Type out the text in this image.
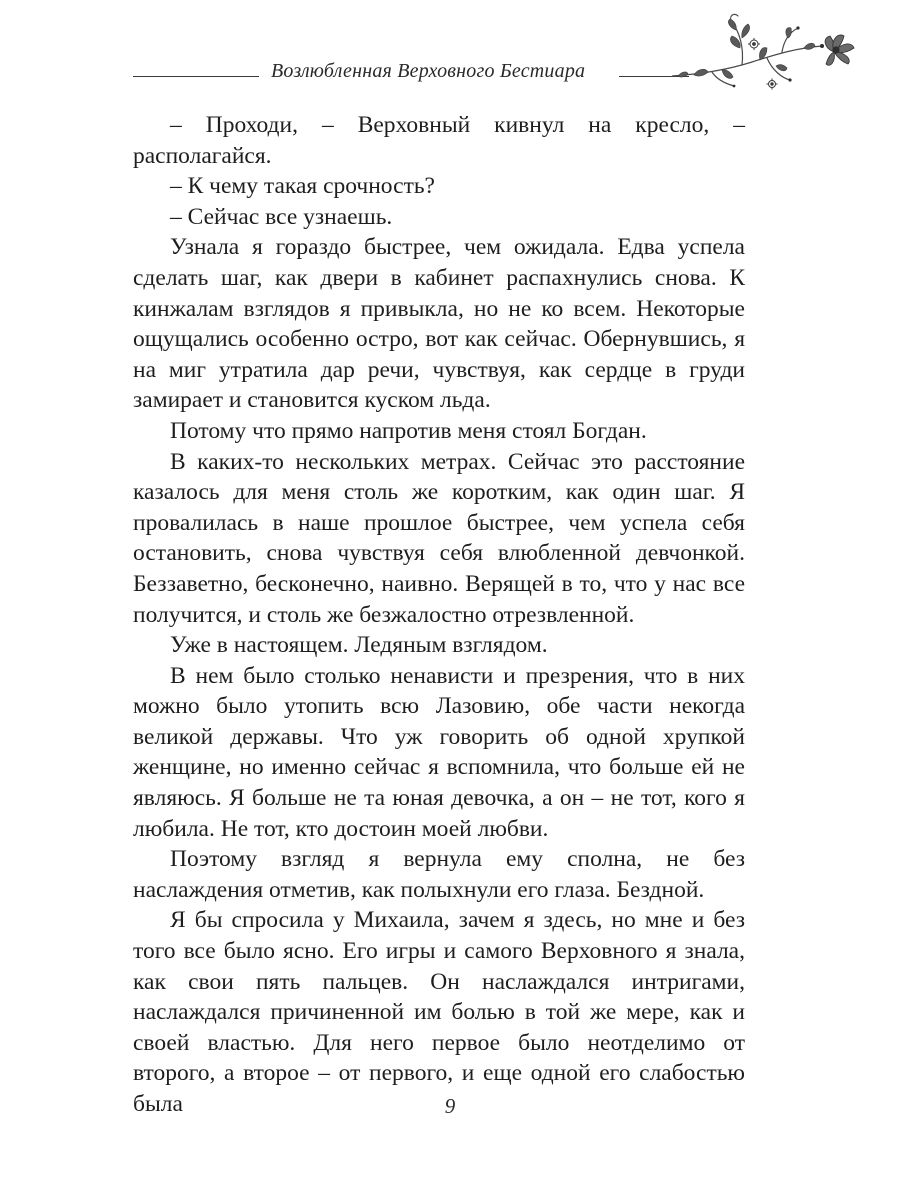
Возлюбленная Верховного Бестиара

– Проходи, – Верховный кивнул на кресло, – располагайся.

– К чему такая срочность?

– Сейчас все узнаешь.

Узнала я гораздо быстрее, чем ожидала. Едва успела сделать шаг, как двери в кабинет распахнулись снова. К кинжалам взглядов я привыкла, но не ко всем. Некоторые ощущались особенно остро, вот как сейчас. Обернувшись, я на миг утратила дар речи, чувствуя, как сердце в груди замирает и становится куском льда.

Потому что прямо напротив меня стоял Богдан.

В каких-то нескольких метрах. Сейчас это расстояние казалось для меня столь же коротким, как один шаг. Я провалилась в наше прошлое быстрее, чем успела себя остановить, снова чувствуя себя влюбленной девчонкой. Беззаветно, бесконечно, наивно. Верящей в то, что у нас все получится, и столь же безжалостно отрезвленной.

Уже в настоящем. Ледяным взглядом.

В нем было столько ненависти и презрения, что в них можно было утопить всю Лазовию, обе части некогда великой державы. Что уж говорить об одной хрупкой женщине, но именно сейчас я вспомнила, что больше ей не являюсь. Я больше не та юная девочка, а он – не тот, кого я любила. Не тот, кто достоин моей любви.

Поэтому взгляд я вернула ему сполна, не без наслаждения отметив, как полыхнули его глаза. Бездной.

Я бы спросила у Михаила, зачем я здесь, но мне и без того все было ясно. Его игры и самого Верховного я знала, как свои пять пальцев. Он наслаждался интригами, наслаждался причиненной им болью в той же мере, как и своей властью. Для него первое было неотделимо от второго, а второе – от первого, и еще одной его слабостью была	9
